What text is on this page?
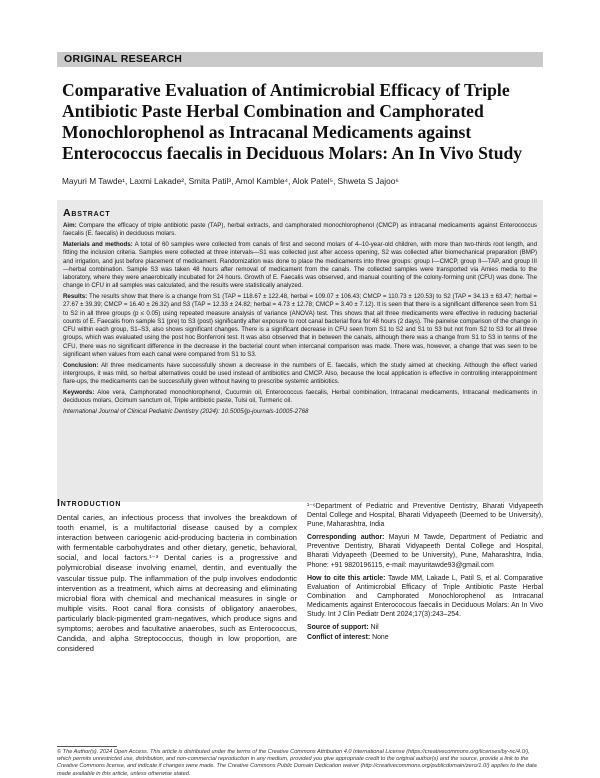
ORIGINAL RESEARCH
Comparative Evaluation of Antimicrobial Efficacy of Triple Antibiotic Paste Herbal Combination and Camphorated Monochlorophenol as Intracanal Medicaments against Enterococcus faecalis in Deciduous Molars: An In Vivo Study
Mayuri M Tawde¹, Laxmi Lakade², Smita Patil³, Amol Kamble⁴, Alok Patel⁵, Shweta S Jajoo⁶
Abstract

Aim: Compare the efficacy of triple antibiotic paste (TAP), herbal extracts, and camphorated monochlorophenol (CMCP) as intracanal medicaments against Enterococcus faecalis (E. faecalis) in deciduous molars.

Materials and methods: A total of 60 samples were collected from canals of first and second molars of 4–10-year-old children, with more than two-thirds root length, and fitting the inclusion criteria. Samples were collected at three intervals—S1 was collected just after access opening, S2 was collected after biomechanical preparation (BMP) and irrigation, and just before placement of medicament. Randomization was done to place the medicaments into three groups: group I—CMCP, group II—TAP, and group III—herbal combination. Sample S3 was taken 48 hours after removal of medicament from the canals. The collected samples were transported via Amies media to the laboratory, where they were anaerobically incubated for 24 hours. Growth of E. Faecalis was observed, and manual counting of the colony-forming unit (CFU) was done. The change in CFU in all samples was calculated, and the results were statistically analyzed.

Results: The results show that there is a change from S1 (TAP = 118.67 ± 122.48, herbal = 109.07 ± 106.43; CMCP = 110.73 ± 120.53) to S2 (TAP = 34.13 ± 63.47; herbal = 27.67 ± 39.39; CMCP = 16.40 ± 26.32) and S3 (TAP = 12.33 ± 24.82; herbal = 4.73 ± 12.78; CMCP = 3.40 ± 7.12). It is seen that there is a significant difference seen from S1 to S2 in all three groups (p ≤ 0.05) using repeated measure analysis of variance (ANOVA) test. This shows that all three medicaments were effective in reducing bacterial counts of E. Faecalis from sample S1 (pre) to S3 (post) significantly after exposure to root canal bacterial flora for 48 hours (2 days). The pairwise comparison of the change in CFU within each group, S1–S3, also shows significant changes. There is a significant decrease in CFU seen from S1 to S2 and S1 to S3 but not from S2 to S3 for all three groups, which was evaluated using the post hoc Bonferroni test. It was also observed that in between the canals, although there was a change from S1 to S3 in terms of the CFU, there was no significant difference in the decrease in the bacterial count when intercanal comparison was made. There was, however, a change that was seen to be significant when values from each canal were compared from S1 to S3.

Conclusion: All three medicaments have successfully shown a decrease in the numbers of E. faecalis, which the study aimed at checking. Although the effect varied intergroups, it was mild, so herbal alternatives could be used instead of antibiotics and CMCP. Also, because the local application is effective in controlling interappointment flare-ups, the medicaments can be successfully given without having to prescribe systemic antibiotics.

Keywords: Aloe vera, Camphorated monochlorophenol, Cucurmin oil, Enterococcus faecalis, Herbal combination, Intracanal medicaments, Intracanal medicaments in deciduous molars, Ocimum sanctum oil, Triple antibiotic paste, Tulsi oil, Turmeric oil.

International Journal of Clinical Pediatric Dentistry (2024): 10.5005/jp-journals-10005-2768

Introduction

Dental caries, an infectious process that involves the breakdown of tooth enamel, is a multifactorial disease caused by a complex interaction between cariogenic acid-producing bacteria in combination with fermentable carbohydrates and other dietary, genetic, behavioral, social, and local factors.¹⁻³ Dental caries is a progressive and polymicrobial disease involving enamel, dentin, and eventually the vascular tissue pulp. The inflammation of the pulp involves endodontic intervention as a treatment, which aims at decreasing and eliminating microbial flora with chemical and mechanical measures in single or multiple visits. Root canal flora consists of obligatory anaerobes, particularly black-pigmented gram-negatives, which produce signs and symptoms; aerobes and facultative anaerobes, such as Enterococcus, Candida, and alpha Streptococcus, though in low proportion, are considered

¹⁻⁶Department of Pediatric and Preventive Dentistry, Bharati Vidyapeeth Dental College and Hospital, Bharati Vidyapeeth (Deemed to be University), Pune, Maharashtra, India

Corresponding author: Mayuri M Tawde, Department of Pediatric and Preventive Dentistry, Bharati Vidyapeeth Dental College and Hospital, Bharati Vidyapeeth (Deemed to be University), Pune, Maharashtra, India, Phone: +91 9820196115, e-mail: mayuritawde93@gmail.com

How to cite this article: Tawde MM, Lakade L, Patil S, et al. Comparative Evaluation of Antimicrobial Efficacy of Triple Antibiotic Paste Herbal Combination and Camphorated Monochlorophenol as Intracanal Medicaments against Enterococcus faecalis in Deciduous Molars: An In Vivo Study. Int J Clin Pediatr Dent 2024;17(3):243–254.

Source of support: Nil

Conflict of interest: None

© The Author(s). 2024 Open Access. This article is distributed under the terms of the Creative Commons Attribution 4.0 International License (https://creativecommons.org/licenses/by-nc/4.0/), which permits unrestricted use, distribution, and non-commercial reproduction in any medium, provided you give appropriate credit to the original author(s) and the source, provide a link to the Creative Commons license, and indicate if changes were made. The Creative Commons Public Domain Dedication waiver (http://creativecommons.org/publicdomain/zero/1.0/) applies to the data made available in this article, unless otherwise stated.
